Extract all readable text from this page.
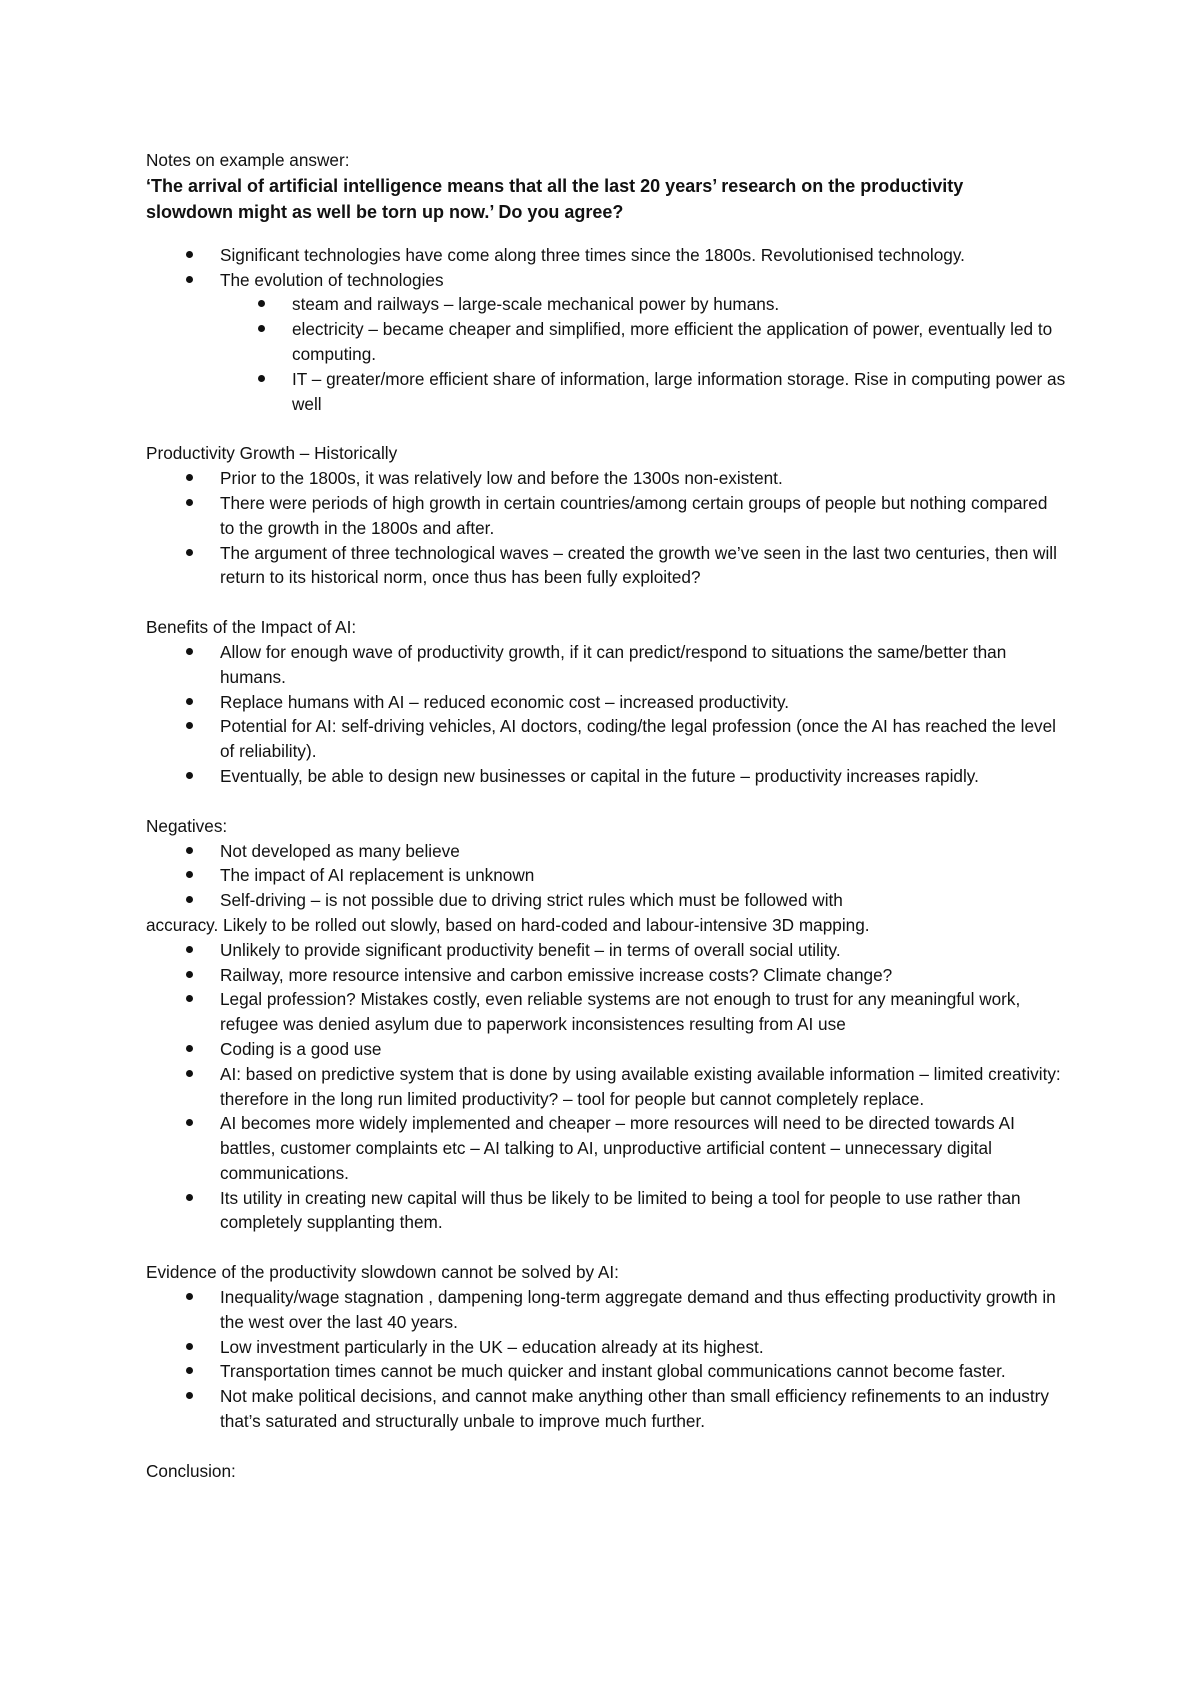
Notes on example answer:

‘The arrival of artificial intelligence means that all the last 20 years’ research on the productivity

slowdown might as well be torn up now.’ Do you agree?

Significant technologies have come along three times since the 1800s. Revolutionised technology.
The evolution of technologies
steam and railways – large-scale mechanical power by humans.
electricity – became cheaper and simplified, more efficient the application of power, eventually led to computing.
IT – greater/more efficient share of information, large information storage. Rise in computing power as well

Productivity Growth – Historically

Prior to the 1800s, it was relatively low and before the 1300s non-existent.
There were periods of high growth in certain countries/among certain groups of people but nothing compared to the growth in the 1800s and after.
The argument of three technological waves – created the growth we’ve seen in the last two centuries, then will return to its historical norm, once thus has been fully exploited?

Benefits of the Impact of AI:

Allow for enough wave of productivity growth, if it can predict/respond to situations the same/better than humans.
Replace humans with AI – reduced economic cost – increased productivity.
Potential for AI: self-driving vehicles, AI doctors, coding/the legal profession (once the AI has reached the level of reliability).
Eventually, be able to design new businesses or capital in the future – productivity increases rapidly.

Negatives:

Not developed as many believe
The impact of AI replacement is unknown
Self-driving – is not possible due to driving strict rules which must be followed with

accuracy. Likely to be rolled out slowly, based on hard-coded and labour-intensive 3D mapping.

Unlikely to provide significant productivity benefit – in terms of overall social utility.
Railway, more resource intensive and carbon emissive increase costs? Climate change?
Legal profession? Mistakes costly, even reliable systems are not enough to trust for any meaningful work, refugee was denied asylum due to paperwork inconsistences resulting from AI use
Coding is a good use
AI: based on predictive system that is done by using available existing available information – limited creativity: therefore in the long run limited productivity? – tool for people but cannot completely replace.
AI becomes more widely implemented and cheaper – more resources will need to be directed towards AI battles, customer complaints etc – AI talking to AI, unproductive artificial content – unnecessary digital communications.
Its utility in creating new capital will thus be likely to be limited to being a tool for people to use rather than completely supplanting them.

Evidence of the productivity slowdown cannot be solved by AI:

Inequality/wage stagnation , dampening long-term aggregate demand and thus effecting productivity growth in the west over the last 40 years.
Low investment particularly in the UK – education already at its highest.
Transportation times cannot be much quicker and instant global communications cannot become faster.
Not make political decisions, and cannot make anything other than small efficiency refinements to an industry that’s saturated and structurally unbale to improve much further.

Conclusion:
